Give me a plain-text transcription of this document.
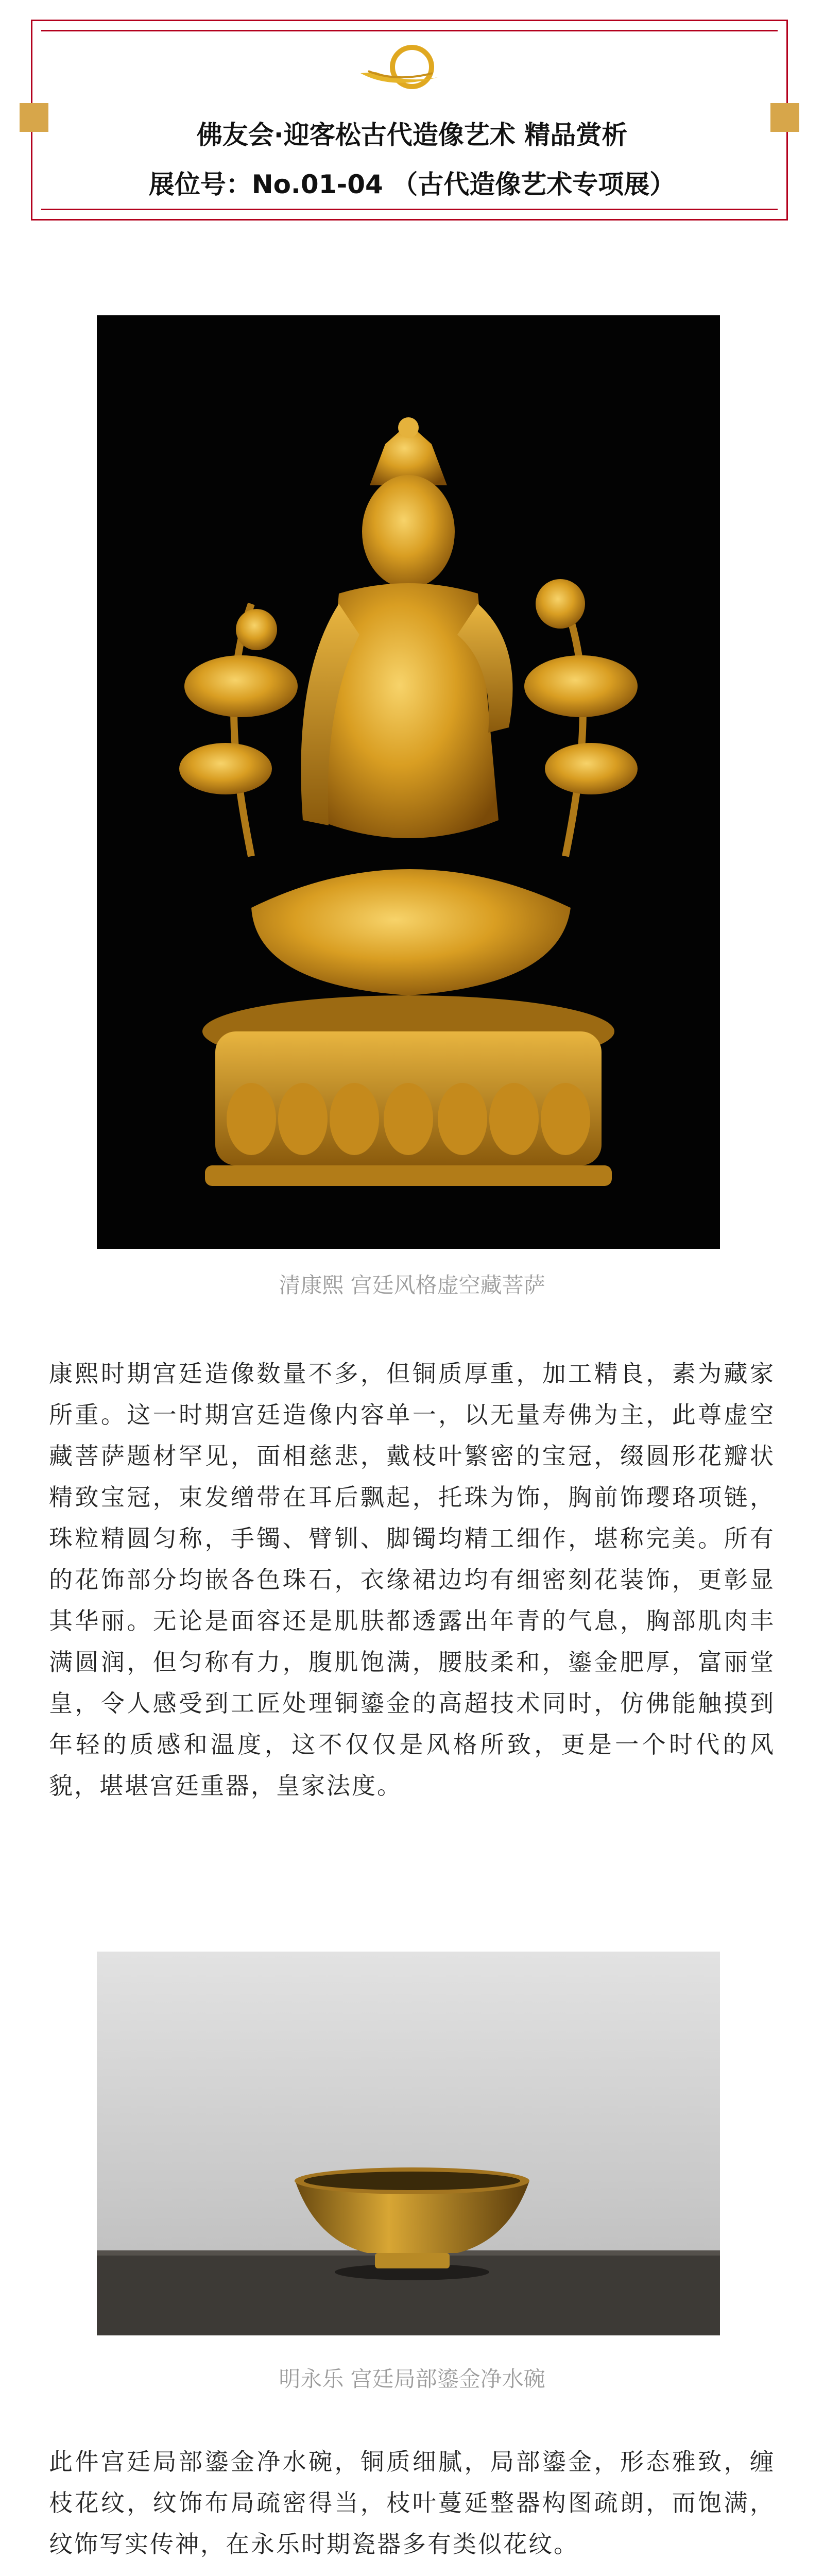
佛友会·迎客松古代造像艺术 精品赏析
展位号：No.01-04 （古代造像艺术专项展）
清康熙 宫廷风格虚空藏菩萨

康熙时期宫廷造像数量不多，但铜质厚重，加工精良，素为藏家所重。这一时期宫廷造像内容单一，以无量寿佛为主，此尊虚空藏菩萨题材罕见，面相慈悲，戴枝叶繁密的宝冠，缀圆形花瓣状精致宝冠，束发缯带在耳后飘起，托珠为饰，胸前饰璎珞项链，珠粒精圆匀称，手镯、臂钏、脚镯均精工细作，堪称完美。所有的花饰部分均嵌各色珠石，衣缘裙边均有细密刻花装饰，更彰显其华丽。无论是面容还是肌肤都透露出年青的气息，胸部肌肉丰满圆润，但匀称有力，腹肌饱满，腰肢柔和，鎏金肥厚，富丽堂皇，令人感受到工匠处理铜鎏金的高超技术同时，仿佛能触摸到年轻的质感和温度，这不仅仅是风格所致，更是一个时代的风貌，堪堪宫廷重器，皇家法度。

明永乐 宫廷局部鎏金净水碗

此件宫廷局部鎏金净水碗，铜质细腻，局部鎏金，形态雅致，缠枝花纹，纹饰布局疏密得当，枝叶蔓延整器构图疏朗，而饱满，纹饰写实传神，在永乐时期瓷器多有类似花纹。
